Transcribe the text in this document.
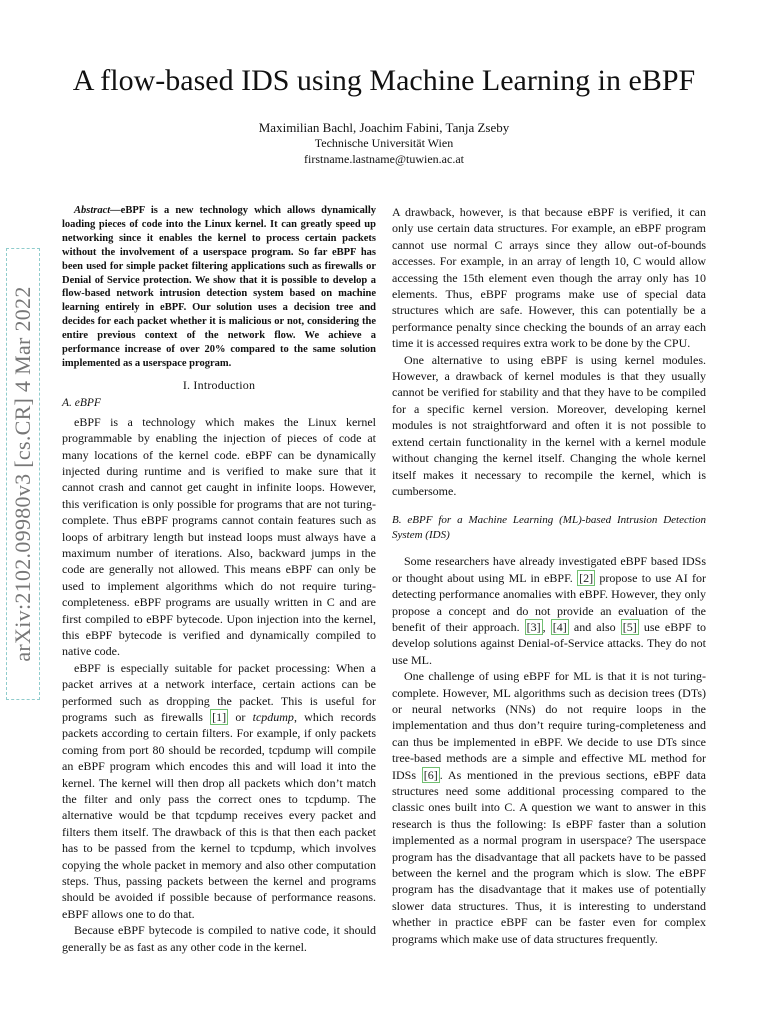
arXiv:2102.09980v3 [cs.CR] 4 Mar 2022
A flow-based IDS using Machine Learning in eBPF
Maximilian Bachl, Joachim Fabini, Tanja Zseby
Technische Universität Wien
firstname.lastname@tuwien.ac.at

Abstract—eBPF is a new technology which allows dynamically loading pieces of code into the Linux kernel. It can greatly speed up networking since it enables the kernel to process certain packets without the involvement of a userspace program. So far eBPF has been used for simple packet filtering applications such as firewalls or Denial of Service protection. We show that it is possible to develop a flow-based network intrusion detection system based on machine learning entirely in eBPF. Our solution uses a decision tree and decides for each packet whether it is malicious or not, considering the entire previous context of the network flow. We achieve a performance increase of over 20% compared to the same solution implemented as a userspace program.

I. Introduction
A. eBPF

eBPF is a technology which makes the Linux kernel programmable by enabling the injection of pieces of code at many locations of the kernel code. eBPF can be dynamically injected during runtime and is verified to make sure that it cannot crash and cannot get caught in infinite loops. However, this verification is only possible for programs that are not turing-complete. Thus eBPF programs cannot contain features such as loops of arbitrary length but instead loops must always have a maximum number of iterations. Also, backward jumps in the code are generally not allowed. This means eBPF can only be used to implement algorithms which do not require turing-completeness. eBPF programs are usually written in C and are first compiled to eBPF bytecode. Upon injection into the kernel, this eBPF bytecode is verified and dynamically compiled to native code.

eBPF is especially suitable for packet processing: When a packet arrives at a network interface, certain actions can be performed such as dropping the packet. This is useful for programs such as firewalls [1] or tcpdump, which records packets according to certain filters. For example, if only packets coming from port 80 should be recorded, tcpdump will compile an eBPF program which encodes this and will load it into the kernel. The kernel will then drop all packets which don’t match the filter and only pass the correct ones to tcpdump. The alternative would be that tcpdump receives every packet and filters them itself. The drawback of this is that then each packet has to be passed from the kernel to tcpdump, which involves copying the whole packet in memory and also other computation steps. Thus, passing packets between the kernel and programs should be avoided if possible because of performance reasons. eBPF allows one to do that.

Because eBPF bytecode is compiled to native code, it should generally be as fast as any other code in the kernel.

A drawback, however, is that because eBPF is verified, it can only use certain data structures. For example, an eBPF program cannot use normal C arrays since they allow out-of-bounds accesses. For example, in an array of length 10, C would allow accessing the 15th element even though the array only has 10 elements. Thus, eBPF programs make use of special data structures which are safe. However, this can potentially be a performance penalty since checking the bounds of an array each time it is accessed requires extra work to be done by the CPU.

One alternative to using eBPF is using kernel modules. However, a drawback of kernel modules is that they usually cannot be verified for stability and that they have to be compiled for a specific kernel version. Moreover, developing kernel modules is not straightforward and often it is not possible to extend certain functionality in the kernel with a kernel module without changing the kernel itself. Changing the whole kernel itself makes it necessary to recompile the kernel, which is cumbersome.

B. eBPF for a Machine Learning (ML)-based Intrusion Detection System (IDS)

Some researchers have already investigated eBPF based IDSs or thought about using ML in eBPF. [2] propose to use AI for detecting performance anomalies with eBPF. However, they only propose a concept and do not provide an evaluation of the benefit of their approach. [3] , [4] and also [5] use eBPF to develop solutions against Denial-of-Service attacks. They do not use ML.

One challenge of using eBPF for ML is that it is not turing-complete. However, ML algorithms such as decision trees (DTs) or neural networks (NNs) do not require loops in the implementation and thus don’t require turing-completeness and can thus be implemented in eBPF. We decide to use DTs since tree-based methods are a simple and effective ML method for IDSs [6] . As mentioned in the previous sections, eBPF data structures need some additional processing compared to the classic ones built into C. A question we want to answer in this research is thus the following: Is eBPF faster than a solution implemented as a normal program in userspace? The userspace program has the disadvantage that all packets have to be passed between the kernel and the program which is slow. The eBPF program has the disadvantage that it makes use of potentially slower data structures. Thus, it is interesting to understand whether in practice eBPF can be faster even for complex programs which make use of data structures frequently.
